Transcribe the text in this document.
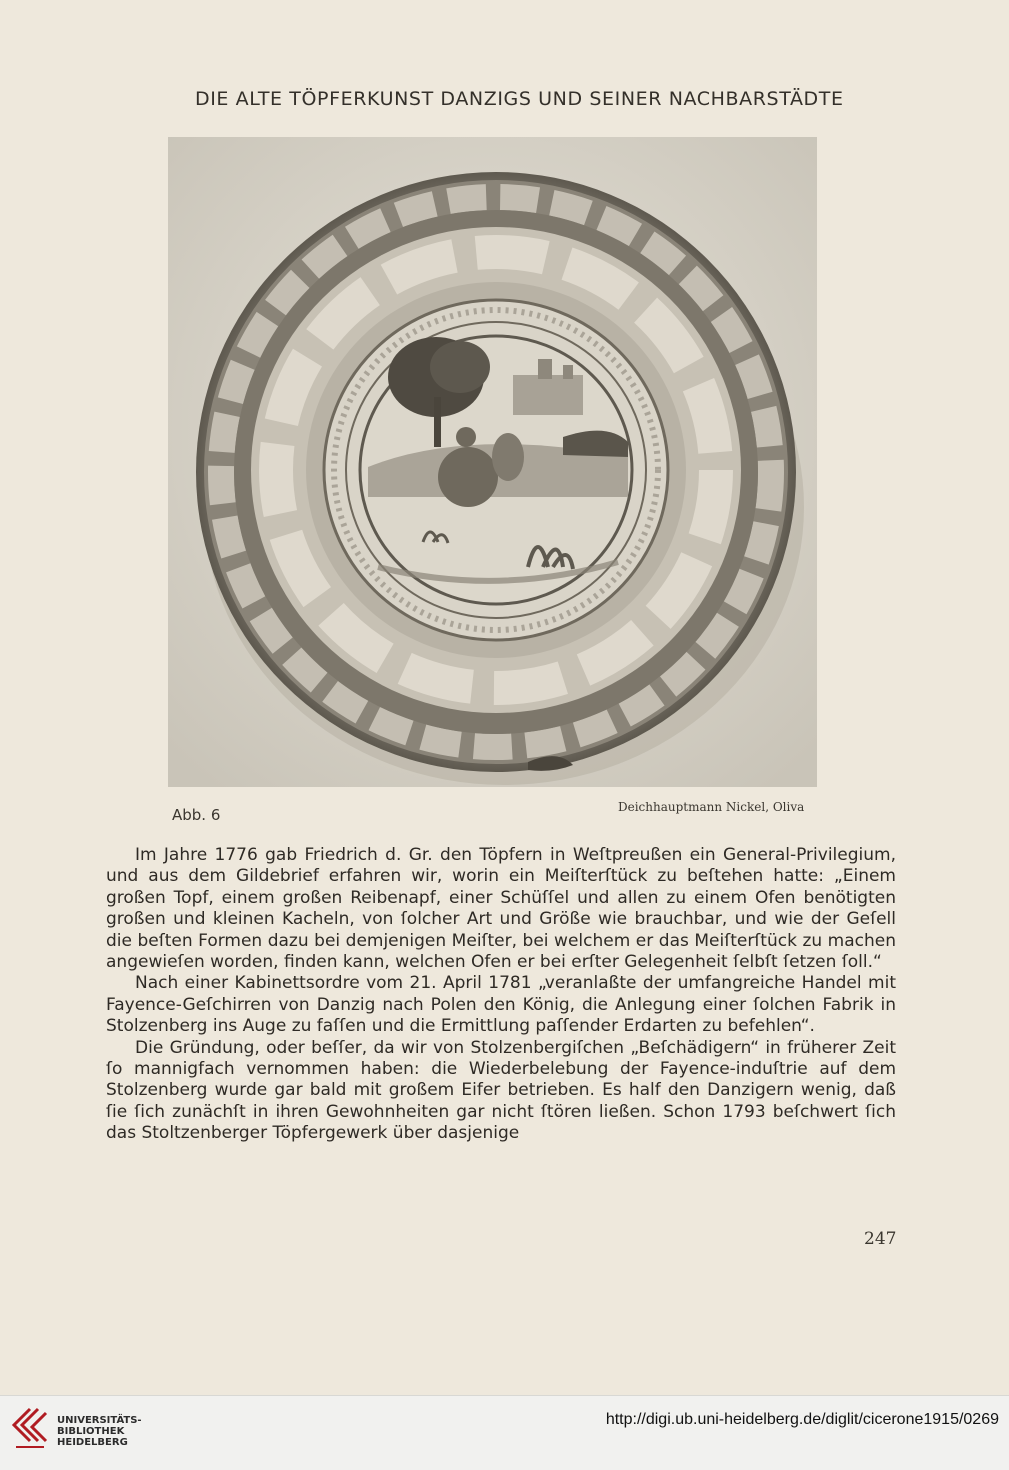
DIE ALTE TÖPFERKUNST DANZIGS UND SEINER NACHBARSTÄDTE
Abb. 6	Deichhauptmann Nickel, Oliva

Im Jahre 1776 gab Friedrich d. Gr. den Töpfern in Weſtpreußen ein General-Privilegium, und aus dem Gildebrief erfahren wir, worin ein Meiſterſtück zu beſtehen hatte: „Einem großen Topf, einem großen Reibenapf, einer Schüſſel und allen zu einem Ofen benötigten großen und kleinen Kacheln, von ſolcher Art und Größe wie brauchbar, und wie der Geſell die beſten Formen dazu bei demjenigen Meiſter, bei welchem er das Meiſterſtück zu machen angewieſen worden, finden kann, welchen Ofen er bei erſter Gelegenheit ſelbſt ſetzen ſoll.“

Nach einer Kabinettsordre vom 21. April 1781 „veranlaßte der umfangreiche Handel mit Fayence-Geſchirren von Danzig nach Polen den König, die Anlegung einer ſolchen Fabrik in Stolzenberg ins Auge zu faſſen und die Ermittlung paſſender Erdarten zu befehlen“.

Die Gründung, oder beſſer, da wir von Stolzenbergiſchen „Beſchädigern“ in früherer Zeit ſo mannigfach vernommen haben: die Wiederbelebung der Fayence-induſtrie auf dem Stolzenberg wurde gar bald mit großem Eifer betrieben. Es half den Danzigern wenig, daß ſie ſich zunächſt in ihren Gewohnheiten gar nicht ſtören ließen. Schon 1793 beſchwert ſich das Stoltzenberger Töpfergewerk über dasjenige

247
UNIVERSITÄTS-
BIBLIOTHEK
HEIDELBERG
http://digi.ub.uni-heidelberg.de/diglit/cicerone1915/0269
